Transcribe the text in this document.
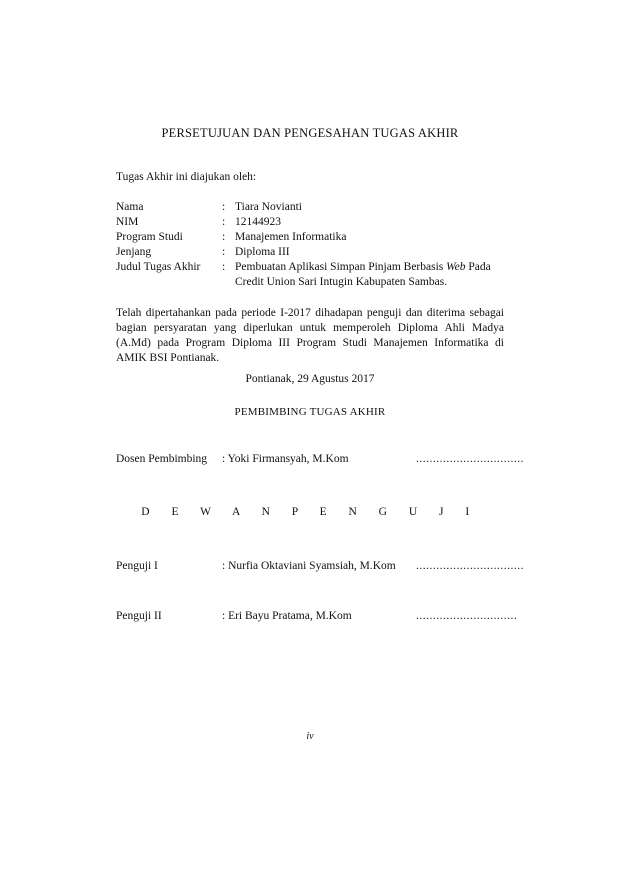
PERSETUJUAN DAN PENGESAHAN TUGAS AKHIR
Tugas Akhir ini diajukan oleh:
Nama	: Tiara Novianti
NIM	: 12144923
Program Studi	: Manajemen Informatika
Jenjang	: Diploma III
Judul Tugas Akhir : Pembuatan Aplikasi Simpan Pinjam Berbasis Web Pada
Credit Union Sari Intugin Kabupaten Sambas.
Telah dipertahankan pada periode I-2017 dihadapan penguji dan diterima sebagai bagian persyaratan yang diperlukan untuk memperoleh Diploma Ahli Madya (A.Md) pada Program Diploma III Program Studi Manajemen Informatika di AMIK BSI Pontianak.
Pontianak, 29 Agustus 2017
PEMBIMBING TUGAS AKHIR
Dosen Pembimbing : Yoki Firmansyah, M.Kom	................................
D E W A N P E N G U J I
Penguji I	: Nurfia Oktaviani Syamsiah, M.Kom ................................
Penguji II	: Eri Bayu Pratama, M.Kom	..............................
iv
